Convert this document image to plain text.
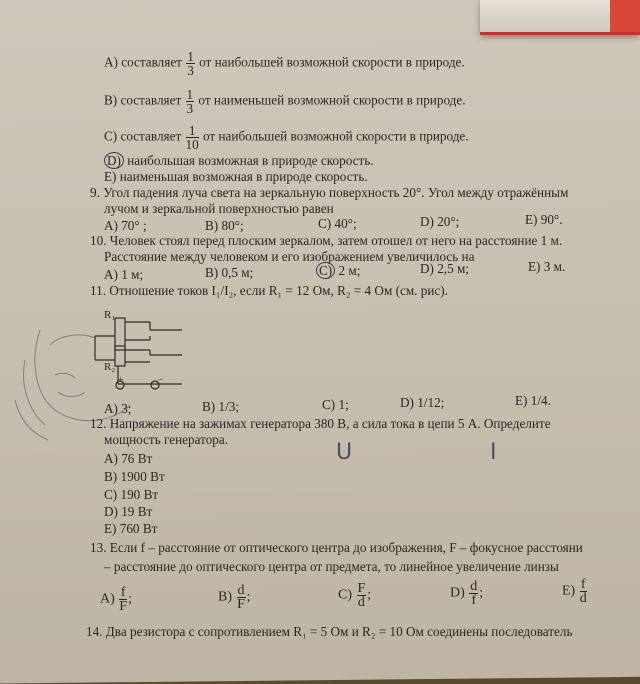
А) составляет $\frac{1}{3}$ от наибольшей возможной скорости в природе.
В) составляет $\frac{1}{3}$ от наименьшей возможной скорости в природе.
С) составляет $\frac{1}{10}$ от наибольшей возможной скорости в природе.
D) наибольшая возможная в природе скорость.
Е) наименьшая возможная в природе скорость.
9. Угол падения луча света на зеркальную поверхность 20°. Угол между отражённым
лучом и зеркальной поверхностью равен
А) 70° ;	В) 80°;	С) 40°;	D) 20°;	Е) 90°.
10. Человек стоял перед плоским зеркалом, затем отошел от него на расстояние 1 м.
Расстояние между человеком и его изображением увеличилось на
А) 1 м;	В) 0,5 м;	С) 2 м;	D) 2,5 м;	Е) 3 м.
11. Отношение токов I₁/I₂, если R₁ = 12 Ом, R₂ = 4 Ом (см. рис).
R₁
R₂
+	−
А) 3;	В) 1/3;	С) 1;	D) 1/12;	Е) 1/4.
12. Напряжение на зажимах генератора 380 В, а сила тока в цепи 5 А. Определите
мощность генератора.
А) 76 Вт
В) 1900 Вт
С) 190 Вт
D) 19 Вт
Е) 760 Вт
U	I
13. Если f – расстояние от оптического центра до изображения, F – фокусное расстояни
– расстояние до оптического центра от предмета, то линейное увеличение линзы
$А) \frac{f}{F}$ ;	$В) \frac{d}{F}$ ;	$С) \frac{F}{d}$ ;	$D) \frac{d}{f}$ ;	$Е) \frac{f}{d}$
14. Два резистора с сопротивлением R₁ = 5 Ом и R₂ = 10 Ом соединены последователь
